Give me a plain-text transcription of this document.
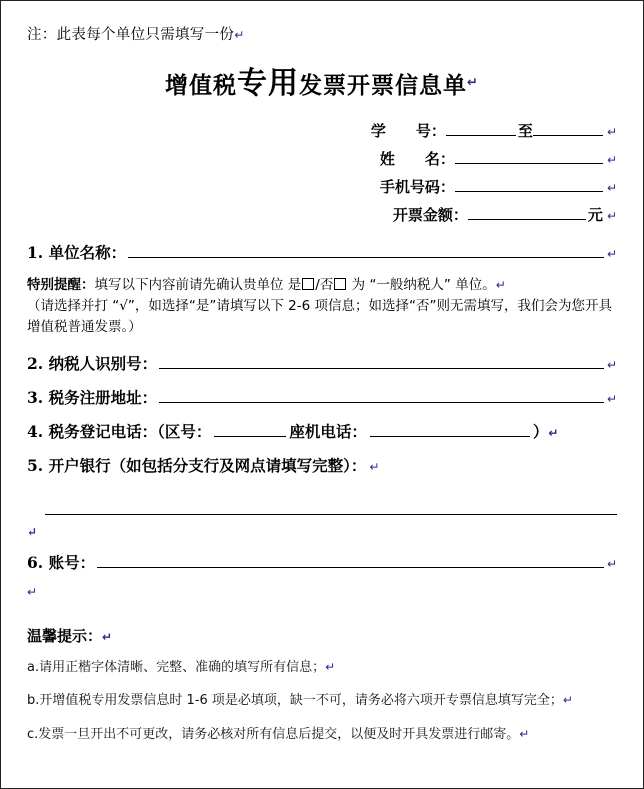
注：此表每个单位只需填写一份↵
增值税专用发票开票信息单↵
学　　号：	至	↵
姓　　名：	↵
手机号码：	↵
开票金额：	元 ↵
1. 单位名称：	↵
特别提醒：填写以下内容前请先确认贵单位 是 /否 为 “一般纳税人” 单位。↵
（请选择并打 “√”，如选择“是”请填写以下 2-6 项信息；如选择“否”则无需填写，我们会为您开具增值税普通发票。）
2. 纳税人识别号：	↵
3. 税务注册地址：	↵
4. 税务登记电话：（区号：	座机电话：	） ↵
5. 开户银行（如包括分支行及网点请填写完整）： ↵
↵
6. 账号：	↵
↵
温馨提示：↵
a.请用正楷字体清晰、完整、准确的填写所有信息；↵
b.开增值税专用发票信息时 1-6 项是必填项，缺一不可，请务必将六项开专票信息填写完全；↵
c.发票一旦开出不可更改，请务必核对所有信息后提交，以便及时开具发票进行邮寄。↵
